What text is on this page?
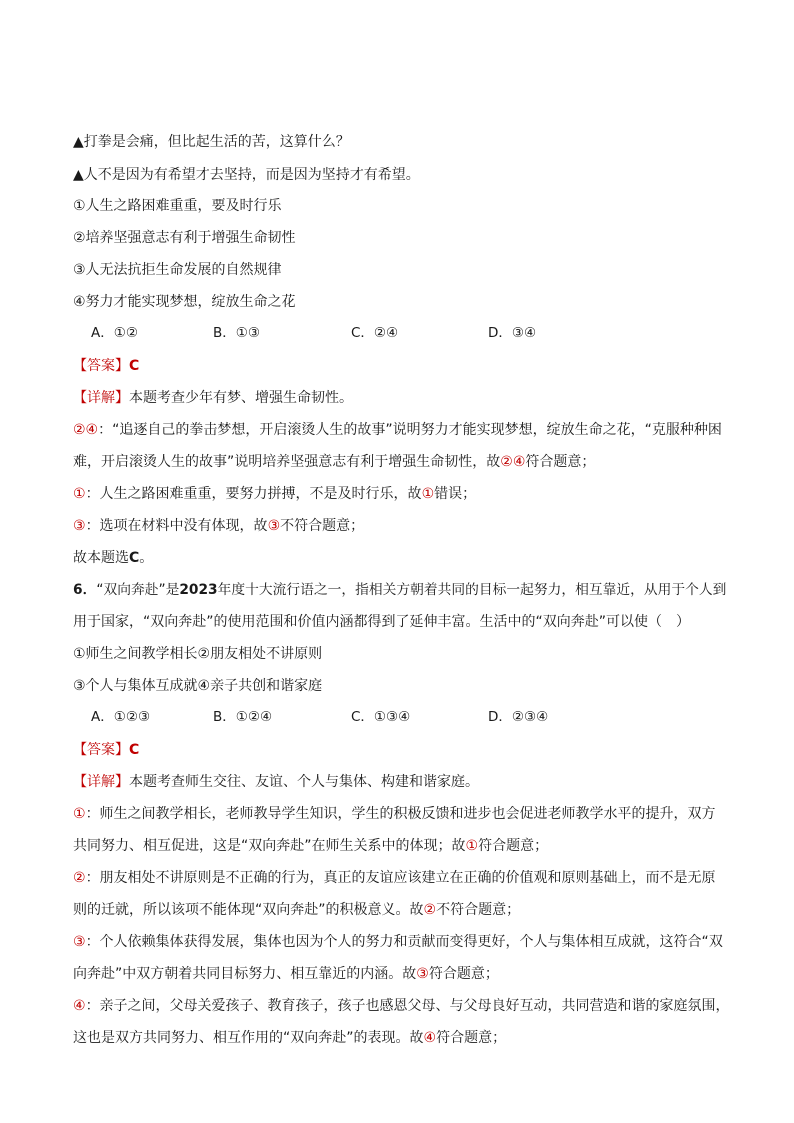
▲打拳是会痛，但比起生活的苦，这算什么？
▲人不是因为有希望才去坚持，而是因为坚持才有希望。
①人生之路困难重重，要及时行乐
②培养坚强意志有利于增强生命韧性
③人无法抗拒生命发展的自然规律
④努力才能实现梦想，绽放生命之花
A．①②	B．①③	C．②④	D．③④
【答案】C
【详解】本题考查少年有梦、增强生命韧性。
②④：“追逐自己的拳击梦想，开启滚烫人生的故事”说明努力才能实现梦想，绽放生命之花，“克服种种困
难，开启滚烫人生的故事”说明培养坚强意志有利于增强生命韧性，故②④符合题意；
①：人生之路困难重重，要努力拼搏，不是及时行乐，故①错误；
③：选项在材料中没有体现，故③不符合题意；
故本题选C。
6．“双向奔赴”是2023年度十大流行语之一，指相关方朝着共同的目标一起努力，相互靠近，从用于个人到
用于国家，“双向奔赴”的使用范围和价值内涵都得到了延伸丰富。生活中的“双向奔赴”可以使（　）
①师生之间教学相长②朋友相处不讲原则
③个人与集体互成就④亲子共创和谐家庭
A．①②③	B．①②④	C．①③④	D．②③④
【答案】C
【详解】本题考查师生交往、友谊、个人与集体、构建和谐家庭。
①：师生之间教学相长，老师教导学生知识，学生的积极反馈和进步也会促进老师教学水平的提升，双方
共同努力、相互促进，这是“双向奔赴”在师生关系中的体现；故①符合题意；
②：朋友相处不讲原则是不正确的行为，真正的友谊应该建立在正确的价值观和原则基础上，而不是无原
则的迁就，所以该项不能体现“双向奔赴”的积极意义。故②不符合题意；
③：个人依赖集体获得发展，集体也因为个人的努力和贡献而变得更好，个人与集体相互成就，这符合“双
向奔赴”中双方朝着共同目标努力、相互靠近的内涵。故③符合题意；
④：亲子之间，父母关爱孩子、教育孩子，孩子也感恩父母、与父母良好互动，共同营造和谐的家庭氛围，
这也是双方共同努力、相互作用的“双向奔赴”的表现。故④符合题意；
